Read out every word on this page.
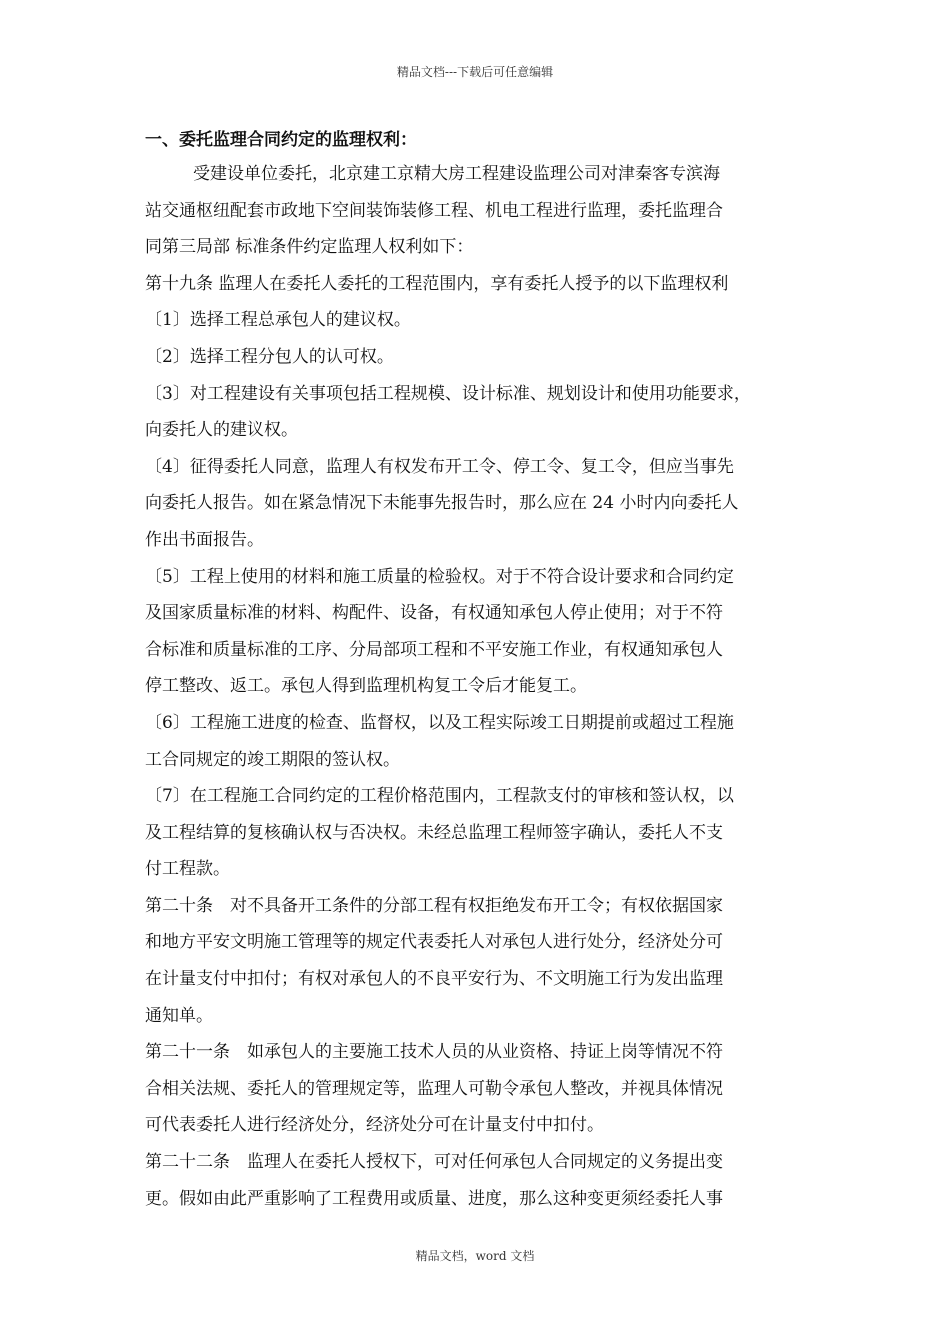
精品文档---下载后可任意编辑
一、委托监理合同约定的监理权利：
受建设单位委托，北京建工京精大房工程建设监理公司对津秦客专滨海
站交通枢纽配套市政地下空间装饰装修工程、机电工程进行监理，委托监理合
同第三局部 标准条件约定监理人权利如下：
第十九条 监理人在委托人委托的工程范围内，享有委托人授予的以下监理权利
〔1〕选择工程总承包人的建议权。
〔2〕选择工程分包人的认可权。
〔3〕对工程建设有关事项包括工程规模、设计标准、规划设计和使用功能要求，
向委托人的建议权。
〔4〕征得委托人同意，监理人有权发布开工令、停工令、复工令，但应当事先
向委托人报告。如在紧急情况下未能事先报告时，那么应在 24 小时内向委托人
作出书面报告。
〔5〕工程上使用的材料和施工质量的检验权。对于不符合设计要求和合同约定
及国家质量标准的材料、构配件、设备，有权通知承包人停止使用；对于不符
合标准和质量标准的工序、分局部项工程和不平安施工作业，有权通知承包人
停工整改、返工。承包人得到监理机构复工令后才能复工。
〔6〕工程施工进度的检查、监督权，以及工程实际竣工日期提前或超过工程施
工合同规定的竣工期限的签认权。
〔7〕在工程施工合同约定的工程价格范围内，工程款支付的审核和签认权，以
及工程结算的复核确认权与否决权。未经总监理工程师签字确认，委托人不支
付工程款。
第二十条　对不具备开工条件的分部工程有权拒绝发布开工令；有权依据国家
和地方平安文明施工管理等的规定代表委托人对承包人进行处分，经济处分可
在计量支付中扣付；有权对承包人的不良平安行为、不文明施工行为发出监理
通知单。
第二十一条　如承包人的主要施工技术人员的从业资格、持证上岗等情况不符
合相关法规、委托人的管理规定等，监理人可勒令承包人整改，并视具体情况
可代表委托人进行经济处分，经济处分可在计量支付中扣付。
第二十二条　监理人在委托人授权下，可对任何承包人合同规定的义务提出变
更。假如由此严重影响了工程费用或质量、进度，那么这种变更须经委托人事
精品文档，word 文档
